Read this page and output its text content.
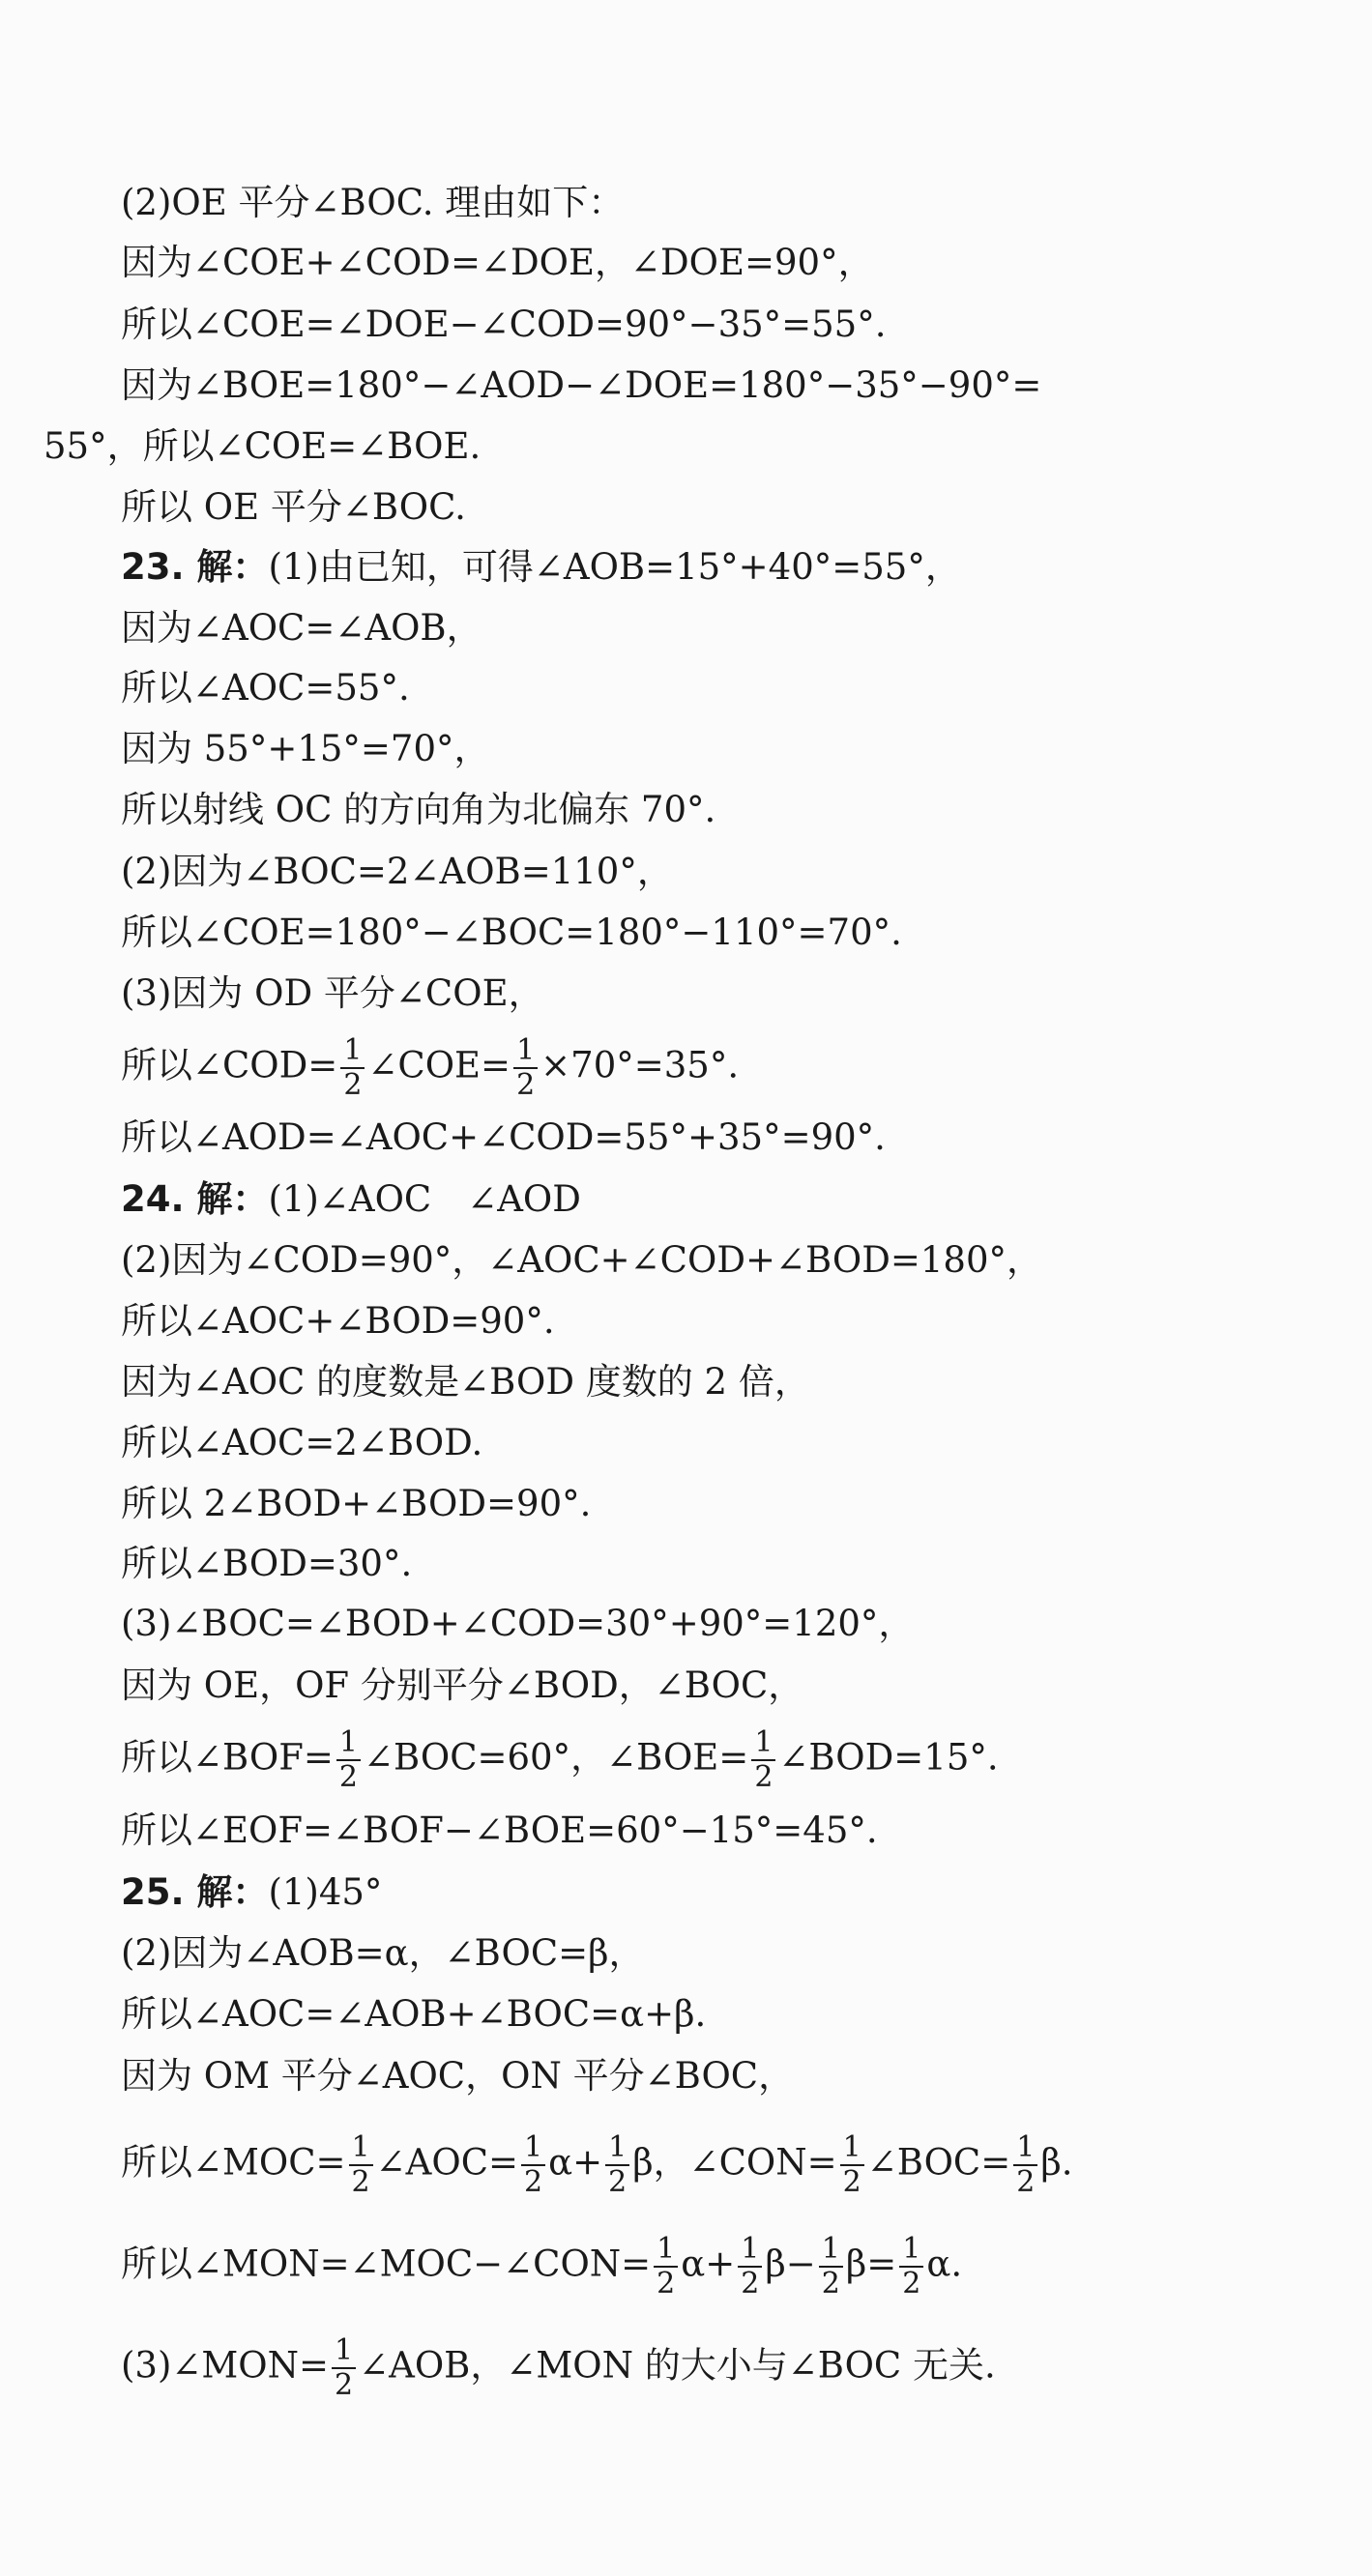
(2)OE 平分∠BOC. 理由如下：
因为∠COE+∠COD=∠DOE，∠DOE=90°，
所以∠COE=∠DOE−∠COD=90°−35°=55°.
因为∠BOE=180°−∠AOD−∠DOE=180°−35°−90°=
55°，所以∠COE=∠BOE.
所以 OE 平分∠BOC.
23. 解：(1)由已知，可得∠AOB=15°+40°=55°，
因为∠AOC=∠AOB，
所以∠AOC=55°.
因为 55°+15°=70°，
所以射线 OC 的方向角为北偏东 70°.
(2)因为∠BOC=2∠AOB=110°，
所以∠COE=180°−∠BOC=180°−110°=70°.
(3)因为 OD 平分∠COE，
所以∠COD= $\frac{1}{2}$ ∠COE= $\frac{1}{2} \times 70^\circ=35^\circ$.
所以∠AOD=∠AOC+∠COD=55°+35°=90°.
24. 解：(1)∠AOC　∠AOD
(2)因为∠COD=90°，∠AOC+∠COD+∠BOD=180°，
所以∠AOC+∠BOD=90°.
因为∠AOC 的度数是∠BOD 度数的 2 倍，
所以∠AOC=2∠BOD.
所以 2∠BOD+∠BOD=90°.
所以∠BOD=30°.
(3)∠BOC=∠BOD+∠COD=30°+90°=120°，
因为 OE，OF 分别平分∠BOD，∠BOC，
所以∠BOF= $\frac{1}{2}$ ∠BOC=60°，∠BOE= $\frac{1}{2}$ ∠BOD=15°.
所以∠EOF=∠BOF−∠BOE=60°−15°=45°.
25. 解：(1)45°
(2)因为∠AOB=α，∠BOC=β，
所以∠AOC=∠AOB+∠BOC=α+β.
因为 OM 平分∠AOC，ON 平分∠BOC，
所以∠MOC= $\frac{1}{2}$ ∠AOC= $\frac{1}{2} \alpha+ \frac{1}{2}$ β，∠CON= $\frac{1}{2}$ ∠BOC= $\frac{1}{2} \beta$.
所以∠MON=∠MOC−∠CON= $\frac{1}{2} \alpha+ \frac{1}{2} \beta- \frac{1}{2} \beta= \frac{1}{2} \alpha$.
(3)∠MON= $\frac{1}{2}$ ∠AOB，∠MON 的大小与∠BOC 无关.
